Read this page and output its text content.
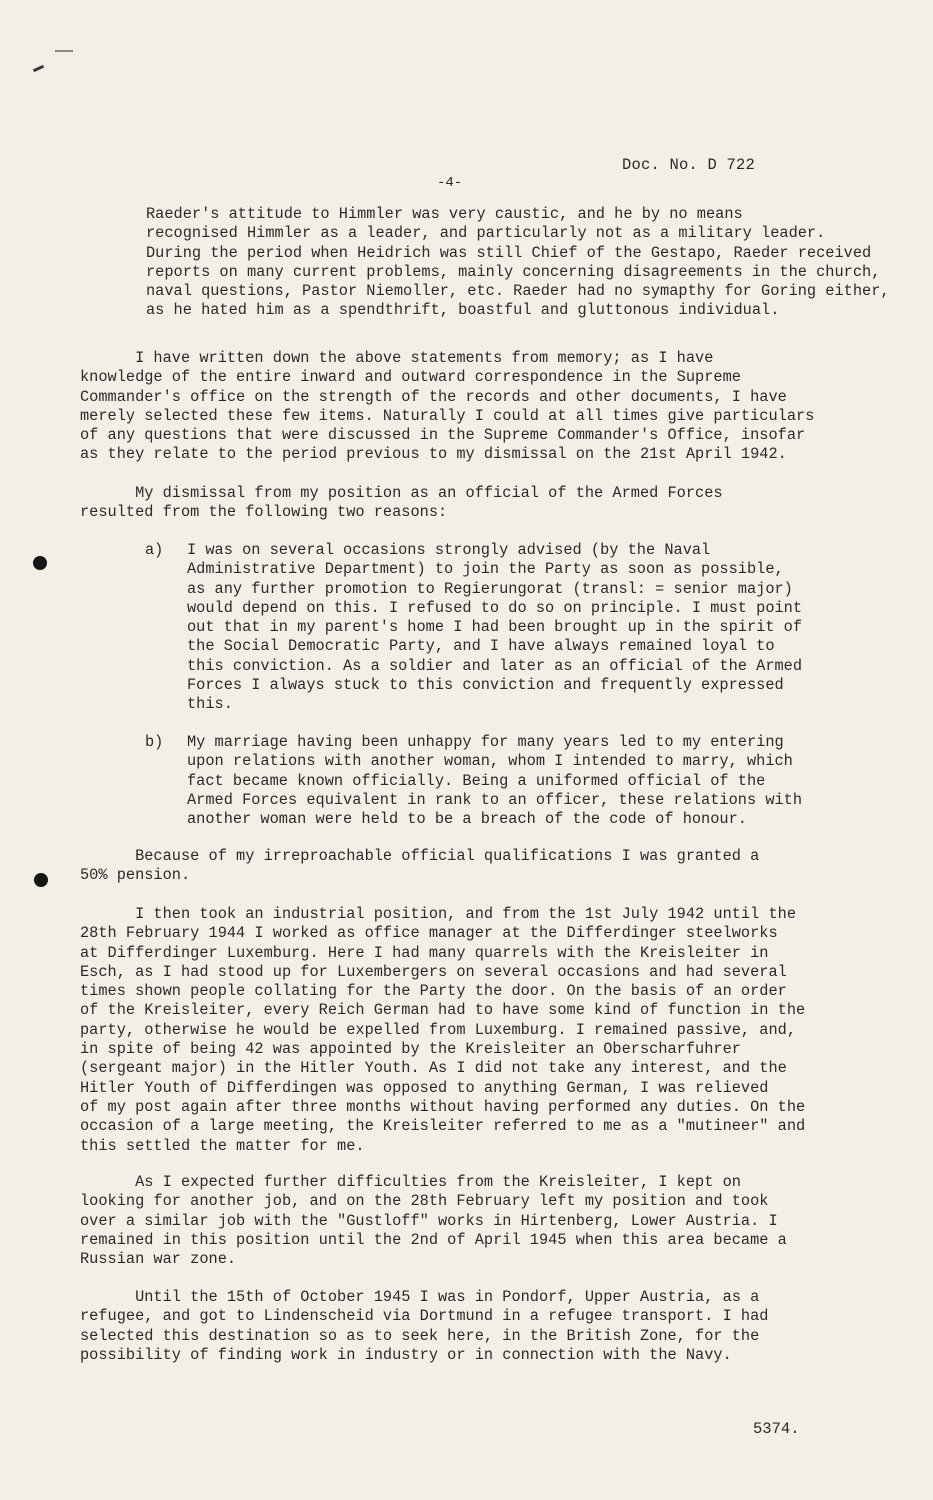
Doc. No. D 722
-4-

Raeder's attitude to Himmler was very caustic, and he by no means
recognised Himmler as a leader, and particularly not as a military leader.
During the period when Heidrich was still Chief of the Gestapo, Raeder received
reports on many current problems, mainly concerning disagreements in the church,
naval questions, Pastor Niemoller, etc. Raeder had no symapthy for Goring either,
as he hated him as a spendthrift, boastful and gluttonous individual.

I have written down the above statements from memory; as I have
knowledge of the entire inward and outward correspondence in the Supreme
Commander's office on the strength of the records and other documents, I have
merely selected these few items. Naturally I could at all times give particulars
of any questions that were discussed in the Supreme Commander's Office, insofar
as they relate to the period previous to my dismissal on the 21st April 1942.

My dismissal from my position as an official of the Armed Forces
resulted from the following two reasons:

a) I was on several occasions strongly advised (by the Naval
Administrative Department) to join the Party as soon as possible,
as any further promotion to Regierungorat (transl: = senior major)
would depend on this. I refused to do so on principle. I must point
out that in my parent's home I had been brought up in the spirit of
the Social Democratic Party, and I have always remained loyal to
this conviction. As a soldier and later as an official of the Armed
Forces I always stuck to this conviction and frequently expressed
this.

b) My marriage having been unhappy for many years led to my entering
upon relations with another woman, whom I intended to marry, which
fact became known officially. Being a uniformed official of the
Armed Forces equivalent in rank to an officer, these relations with
another woman were held to be a breach of the code of honour.

Because of my irreproachable official qualifications I was granted a
50% pension.

I then took an industrial position, and from the 1st July 1942 until the
28th February 1944 I worked as office manager at the Differdinger steelworks
at Differdinger Luxemburg. Here I had many quarrels with the Kreisleiter in
Esch, as I had stood up for Luxembergers on several occasions and had several
times shown people collating for the Party the door. On the basis of an order
of the Kreisleiter, every Reich German had to have some kind of function in the
party, otherwise he would be expelled from Luxemburg. I remained passive, and,
in spite of being 42 was appointed by the Kreisleiter an Oberscharfuhrer
(sergeant major) in the Hitler Youth. As I did not take any interest, and the
Hitler Youth of Differdingen was opposed to anything German, I was relieved
of my post again after three months without having performed any duties. On the
occasion of a large meeting, the Kreisleiter referred to me as a "mutineer" and
this settled the matter for me.

As I expected further difficulties from the Kreisleiter, I kept on
looking for another job, and on the 28th February left my position and took
over a similar job with the "Gustloff" works in Hirtenberg, Lower Austria. I
remained in this position until the 2nd of April 1945 when this area became a
Russian war zone.

Until the 15th of October 1945 I was in Pondorf, Upper Austria, as a
refugee, and got to Lindenscheid via Dortmund in a refugee transport. I had
selected this destination so as to seek here, in the British Zone, for the
possibility of finding work in industry or in connection with the Navy.

5374.
